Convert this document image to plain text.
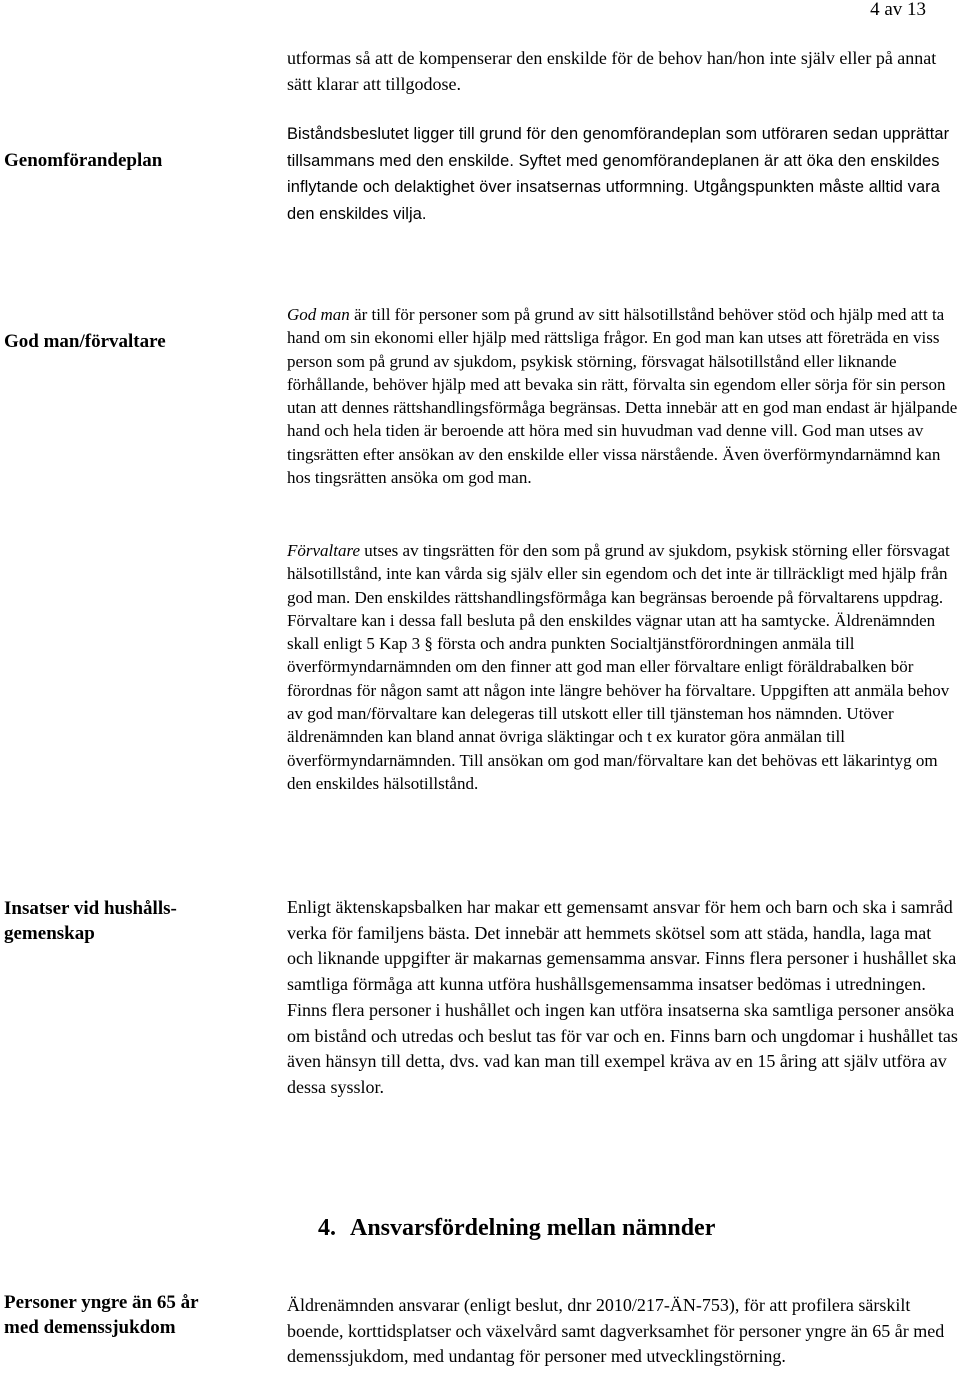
4 av 13

utformas så att de kompenserar den enskilde för de behov han/hon inte själv eller på annat sätt klarar att tillgodose.

Genomförandeplan

Biståndsbeslutet ligger till grund för den genomförandeplan som utföraren sedan upprättar tillsammans med den enskilde. Syftet med genomförandeplanen är att öka den enskildes inflytande och delaktighet över insatsernas utformning. Utgångspunkten måste alltid vara den enskildes vilja.

God man/förvaltare

God man är till för personer som på grund av sitt hälsotillstånd behöver stöd och hjälp med att ta hand om sin ekonomi eller hjälp med rättsliga frågor. En god man kan utses att företräda en viss person som på grund av sjukdom, psykisk störning, försvagat hälsotillstånd eller liknande förhållande, behöver hjälp med att bevaka sin rätt, förvalta sin egendom eller sörja för sin person utan att dennes rättshandlingsförmåga begränsas. Detta innebär att en god man endast är hjälpande hand och hela tiden är beroende att höra med sin huvudman vad denne vill. God man utses av tingsrätten efter ansökan av den enskilde eller vissa närstående. Även överförmyndarnämnd kan hos tingsrätten ansöka om god man.

Förvaltare utses av tingsrätten för den som på grund av sjukdom, psykisk störning eller försvagat hälsotillstånd, inte kan vårda sig själv eller sin egendom och det inte är tillräckligt med hjälp från god man. Den enskildes rättshandlingsförmåga kan begränsas beroende på förvaltarens uppdrag. Förvaltare kan i dessa fall besluta på den enskildes vägnar utan att ha samtycke. Äldrenämnden skall enligt 5 Kap 3 § första och andra punkten Socialtjänstförordningen anmäla till överförmyndarnämnden om den finner att god man eller förvaltare enligt föräldrabalken bör förordnas för någon samt att någon inte längre behöver ha förvaltare. Uppgiften att anmäla behov av god man/förvaltare kan delegeras till utskott eller till tjänsteman hos nämnden. Utöver äldrenämnden kan bland annat övriga släktingar och t ex kurator göra anmälan till överförmyndarnämnden. Till ansökan om god man/förvaltare kan det behövas ett läkarintyg om den enskildes hälsotillstånd.

Insatser vid hushålls-
gemenskap

Enligt äktenskapsbalken har makar ett gemensamt ansvar för hem och barn och ska i samråd verka för familjens bästa. Det innebär att hemmets skötsel som att städa, handla, laga mat och liknande uppgifter är makarnas gemensamma ansvar. Finns flera personer i hushållet ska samtliga förmåga att kunna utföra hushållsgemensamma insatser bedömas i utredningen. Finns flera personer i hushållet och ingen kan utföra insatserna ska samtliga personer ansöka om bistånd och utredas och beslut tas för var och en. Finns barn och ungdomar i hushållet tas även hänsyn till detta, dvs. vad kan man till exempel kräva av en 15 åring att själv utföra av dessa sysslor.

4. Ansvarsfördelning mellan nämnder
Personer yngre än 65 år
med demenssjukdom

Äldrenämnden ansvarar (enligt beslut, dnr 2010/217-ÄN-753), för att profilera särskilt boende, korttidsplatser och växelvård samt dagverksamhet för personer yngre än 65 år med demenssjukdom, med undantag för personer med utvecklingstörning.
